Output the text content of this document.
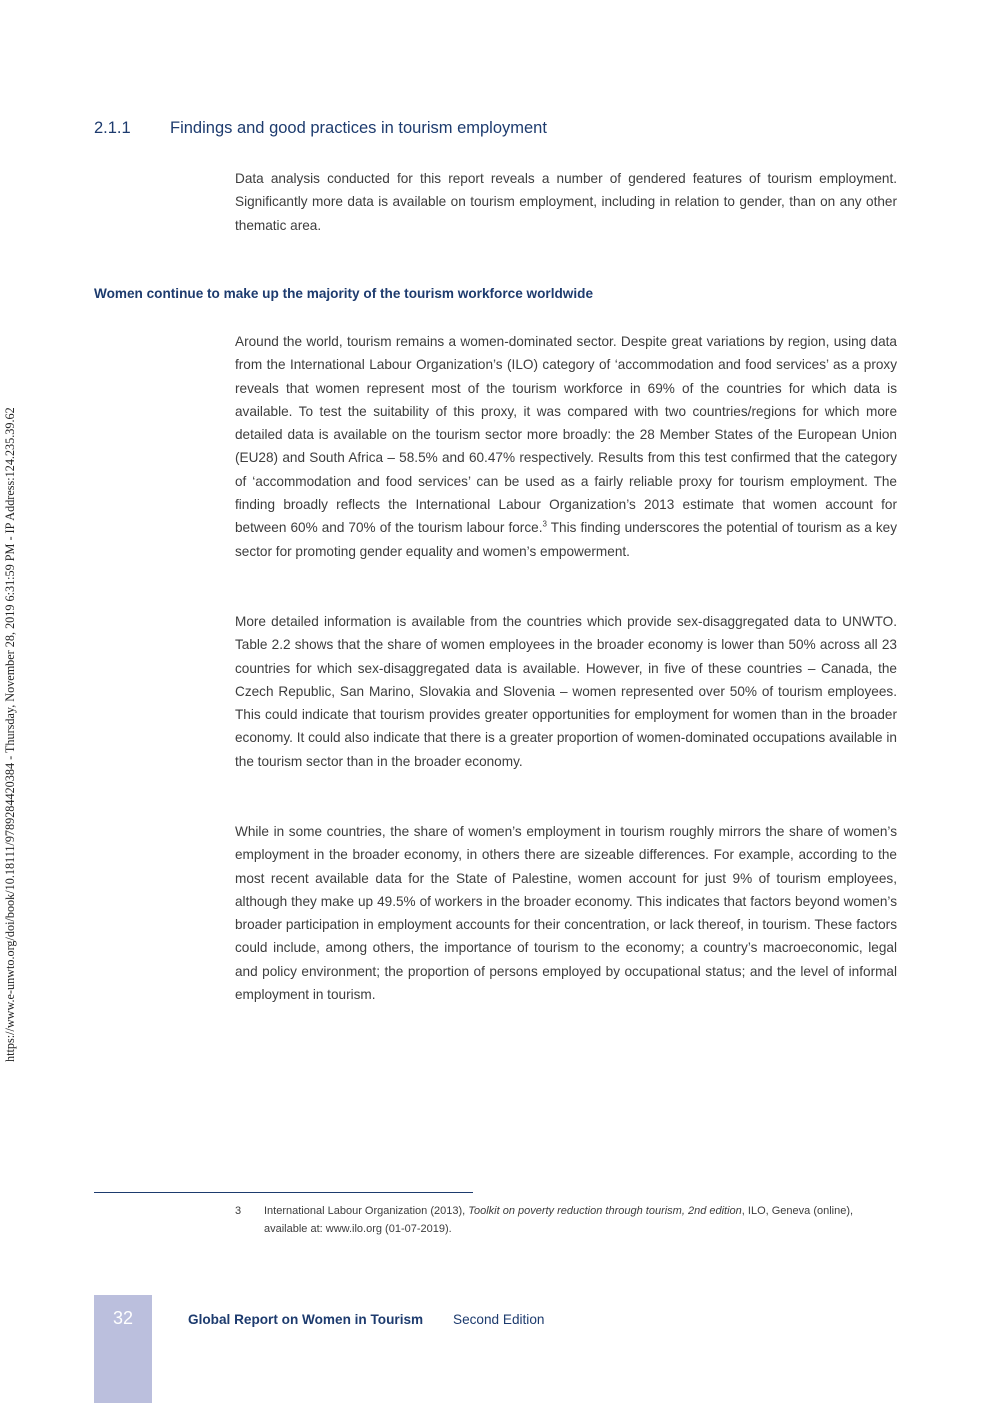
https://www.e-unwto.org/doi/book/10.18111/9789284420384 - Thursday, November 28, 2019 6:31:59 PM - IP Address:124.235.39.62
2.1.1 Findings and good practices in tourism employment

Data analysis conducted for this report reveals a number of gendered features of tourism employment. Significantly more data is available on tourism employment, including in relation to gender, than on any other thematic area.

Women continue to make up the majority of the tourism workforce worldwide

Around the world, tourism remains a women-dominated sector. Despite great variations by region, using data from the International Labour Organization’s (ILO) category of ‘accommodation and food services’ as a proxy reveals that women represent most of the tourism workforce in 69% of the countries for which data is available. To test the suitability of this proxy, it was compared with two countries/regions for which more detailed data is available on the tourism sector more broadly: the 28 Member States of the European Union (EU28) and South Africa – 58.5% and 60.47% respectively. Results from this test confirmed that the category of ‘accommodation and food services’ can be used as a fairly reliable proxy for tourism employment. The finding broadly reflects the International Labour Organization’s 2013 estimate that women account for between 60% and 70% of the tourism labour force.$^3$ This finding underscores the potential of tourism as a key sector for promoting gender equality and women’s empowerment.

More detailed information is available from the countries which provide sex-disaggregated data to UNWTO. Table 2.2 shows that the share of women employees in the broader economy is lower than 50% across all 23 countries for which sex-disaggregated data is available. However, in five of these countries – Canada, the Czech Republic, San Marino, Slovakia and Slovenia – women represented over 50% of tourism employees. This could indicate that tourism provides greater opportunities for employment for women than in the broader economy. It could also indicate that there is a greater proportion of women-dominated occupations available in the tourism sector than in the broader economy.

While in some countries, the share of women’s employment in tourism roughly mirrors the share of women’s employment in the broader economy, in others there are sizeable differences. For example, according to the most recent available data for the State of Palestine, women account for just 9% of tourism employees, although they make up 49.5% of workers in the broader economy. This indicates that factors beyond women’s broader participation in employment accounts for their concentration, or lack thereof, in tourism. These factors could include, among others, the importance of tourism to the economy; a country’s macroeconomic, legal and policy environment; the proportion of persons employed by occupational status; and the level of informal employment in tourism.

3 International Labour Organization (2013), Toolkit on poverty reduction through tourism, 2nd edition, ILO, Geneva (online), available at: www.ilo.org (01-07-2019).
32	Global Report on Women in Tourism Second Edition
